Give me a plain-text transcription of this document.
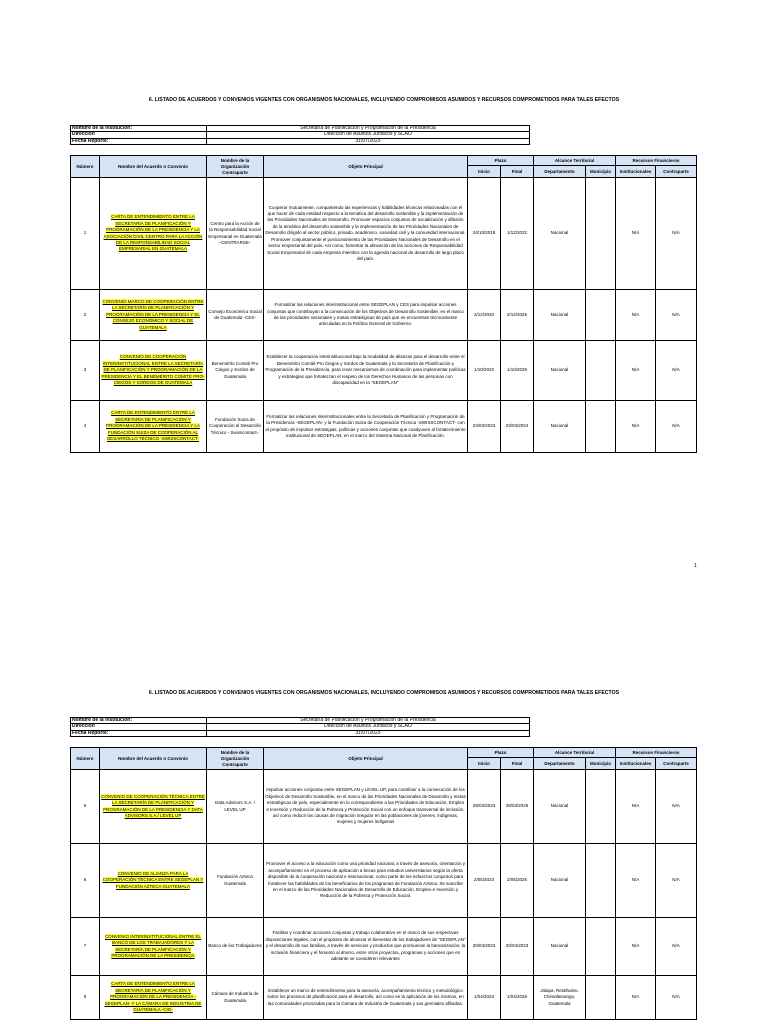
6. LISTADO DE ACUERDOS Y CONVENIOS VIGENTES CON ORGANISMOS NACIONALES, INCLUYENDO COMPROMISOS ASUMIDOS Y RECURSOS COMPROMETIDOS PARA TALES EFECTOS
Nombre de la Institución:	Secretaría de Planificación y Programación de la Presidencia
Dirección	Dirección de Asuntos Jurídicos y SCAO
Fecha Reporte:	31/07/2023
Número	Nombre del Acuerdo o Convenio	Nombre de la Organización Contraparte	Objeto Principal	Plazo		Alcance Territorial		Recursos Financieros	
				Inicio	Final	Departamento	Municipio	Institucionales	Contraparte
1	CARTA DE ENTENDIMIENTO ENTRE LA SECRETARÍA DE PLANIFICACIÓN Y PROGRAMACIÓN DE LA PRESIDENCIA Y LA ASOCIACIÓN CIVIL CENTRO PARA LA ACCIÓN DE LA RESPONSABILIDAD SOCIAL EMPRESARIAL EN GUATEMALA	Centro para la Acción de la Responsabilidad Social Empresarial en Guatemala -CENTRARSE-	Cooperar mutuamente, compartiendo las experiencias y habilidades técnicas relacionadas con el que hacer de cada entidad respecto a la temática del desarrollo sostenible y la implementación de las Prioridades Nacionales de Desarrollo. Promover espacios conjuntos de socialización y difusión de la temática del desarrollo sostenible y la implementación de las Prioridades Nacionales de Desarrollo dirigido al sector público, privado, académico, sociedad civil y la comunidad internacional. Promover conjuntamente el posicionamiento de las Prioridades Nacionales de Desarrollo en el sector empresarial del país. Así como, fomentar la alineación de las acciones de Responsabilidad Social Empresarial de cada empresa miembro con la agenda nacional de desarrollo de largo plazo del país.	24/10/2018	1/12/2032	Nacional		N/A	N/A
2	CONVENIO MARCO DE COOPERACIÓN ENTRE LA SECRETARÍA DE PLANIFICACIÓN Y PROGRAMACIÓN DE LA PRESIDENCIA Y EL CONSEJO ECONÓMICO Y SOCIAL DE GUATEMALA	Consejo Económico Social de Guatemala -CES-	Formalizar las relaciones interinstitucional entre SEGEPLAN y CES para impulsar acciones conjuntas que contribuyan a la consecución de los Objetivos de Desarrollo Sostenible, en el marco de las prioridades nacionales y metas estratégicas de país que se encuentran técnicamente articuladas en la Política General de Gobierno.	2/12/2020	2/12/2025	Nacional		N/A	N/A
3	CONVENIO DE COOPERACIÓN INTERINSTITUCIONAL ENTRE LA SECRETARÍA DE PLANIFICACIÓN Y PROGRAMACIÓN DE LA PRESIDENCIA Y EL BENEMÉRITO COMITÉ PRO-CIEGOS Y SORDOS DE GUATEMALA	Benemérito Comité Pro Ciegos y Sordos de Guatemala	Establecer la cooperación interinstitucional bajo la modalidad de alianzas para el desarrollo entre el Benemérito Comité Pro Ciegos y Sordos de Guatemala y la Secretaría de Planificación y Programación de la Presidencia, para crear mecanismos de coordinación para implementar políticas y estrategias que fortalezcan el respeto de los Derechos Humanos de las personas con discapacidad en la "SEGEPLAN"	1/10/2022	1/10/2026	Nacional		N/A	N/A
4	CARTA DE ENTENDIMIENTO ENTRE LA SECRETARÍA DE PLANIFICACIÓN Y PROGRAMACIÓN DE LA PRESIDENCIA Y LA FUNDACIÓN SUIZA DE COOPERACIÓN AL DESARROLLO TÉCNICO -SWISSCONTACT-	Fundación Suiza de Cooperación al Desarrollo Técnico - Swisscontact-.	Formalizar las relaciones interinstitucionales entre la Secretaría de Planificación y Programación de la Presidencia -SEGEPLAN- y la Fundación Suiza de Cooperación Técnica -SWISSCONTACT- con el propósito de impulsar estrategias, políticas y acciones conjuntas que coadyuven al fortalecimiento institucional de SEGEPLAN, en el marco del Sistema Nacional de Planificación.	23/03/2023	23/03/2024	Nacional		N/A	N/A
1
6. LISTADO DE ACUERDOS Y CONVENIOS VIGENTES CON ORGANISMOS NACIONALES, INCLUYENDO COMPROMISOS ASUMIDOS Y RECURSOS COMPROMETIDOS PARA TALES EFECTOS
Nombre de la Institución:	Secretaría de Planificación y Programación de la Presidencia
Dirección	Dirección de Asuntos Jurídicos y SCAO
Fecha Reporte:	31/07/2023
Número	Nombre del Acuerdo o Convenio	Nombre de la Organización Contraparte	Objeto Principal	Plazo		Alcance Territorial		Recursos Financieros	
				Inicio	Final	Departamento	Municipio	Institucionales	Contraparte
5	CONVENIO DE COOPERACIÓN TÉCNICA ENTRE LA SECRETARÍA DE PLANIFICACIÓN Y PROGRAMACIÓN DE LA PRESIDENCIA Y DATA ADVISORS S.A./ LEVEL UP	Data Advisors S.A. / LEVEL UP	Impulsar acciones conjuntas entre SEGEPLAN y LEVEL UP, para contribuir a la consecución de los Objetivos de Desarrollo Sostenible, en el marco de las Prioridades Nacionales de Desarrollo y metas estratégicas de país, especialmente en lo correspondiente a las Prioridades de Educación, Empleo e Inversión y Reducción de la Pobreza y Protección Social con un enfoque transversal de inclusión, así como reducir las causas de migración irregular en las poblaciones de jóvenes, indígenas, mujeres y mujeres indígenas	28/03/2023	28/03/2025	Nacional		N/A	N/A
6	CONVENIO DE ALIANZA PARA LA COOPERACIÓN TÉCNICA ENTRE SEGEPLAN Y FUNDACIÓN AZTECA GUATEMALA	Fundación Azteca Guatemala	Promover el acceso a la educación como una prioridad nacional, a través de asesoría, orientación y acompañamiento en el proceso de aplicación a becas para estudios universitarios según la oferta disponible de la cooperación nacional e internacional, como parte de los esfuerzos conjuntos para fortalecer las habilidades de los beneficiarios de los programas de Fundación Azteca. Se suscribe en el marco de las Prioridades Nacionales de Desarrollo de Educación, Empleo e Inversión y Reducción de la Pobreza y Protección Social.	2/05/2023	2/05/2026	Nacional		N/A	N/A
7	CONVENIO INTERINSTITUCIONAL ENTRE EL BANCO DE LOS TRABAJADORES Y LA SECRETARÍA DE PLANIFICACIÓN Y PROGRAMACIÓN DE LA PRESIDENCIA	Banco de los Trabajadores	Facilitar y coordinar acciones conjuntas y trabajo colaborativo en el marco de sus respectivas disposiciones legales, con el propósito de alcanzar el bienestar de los trabajadores de "SEGEPLAN" y el desarrollo de sus familias, a través de servicios y productos que promuevan la bancarización, la inclusión financiera y el fomento al ahorro, entre otros proyectos, programas y acciones que en adelante se consideren relevantes	20/04/2023	20/04/2023	Nacional		N/A	N/A
8	CARTA DE ENTENDIMIENTO ENTRE LA SECRETARÍA DE PLANIFICACIÓN Y PROGRAMACIÓN DE LA PRESIDENCIA - SEGEPLAN- Y LA CÁMARA DE INDUSTRIA DE GUATEMALA -CIG-	Cámara de Industria de Guatemala	Establecer un marco de entendimiento para la asesoría, acompañamiento técnico y metodológico sobre los procesos de planificación para el desarrollo, así como en la aplicación de los mismos, en las comunidades priorizadas para la Cámara de Industria de Guatemala y sus gremiales afiliadas.	1/04/2023	1/04/2026	Jalapa, Retalhuleu, Chimaltenango, Guatemala		N/A	N/A
